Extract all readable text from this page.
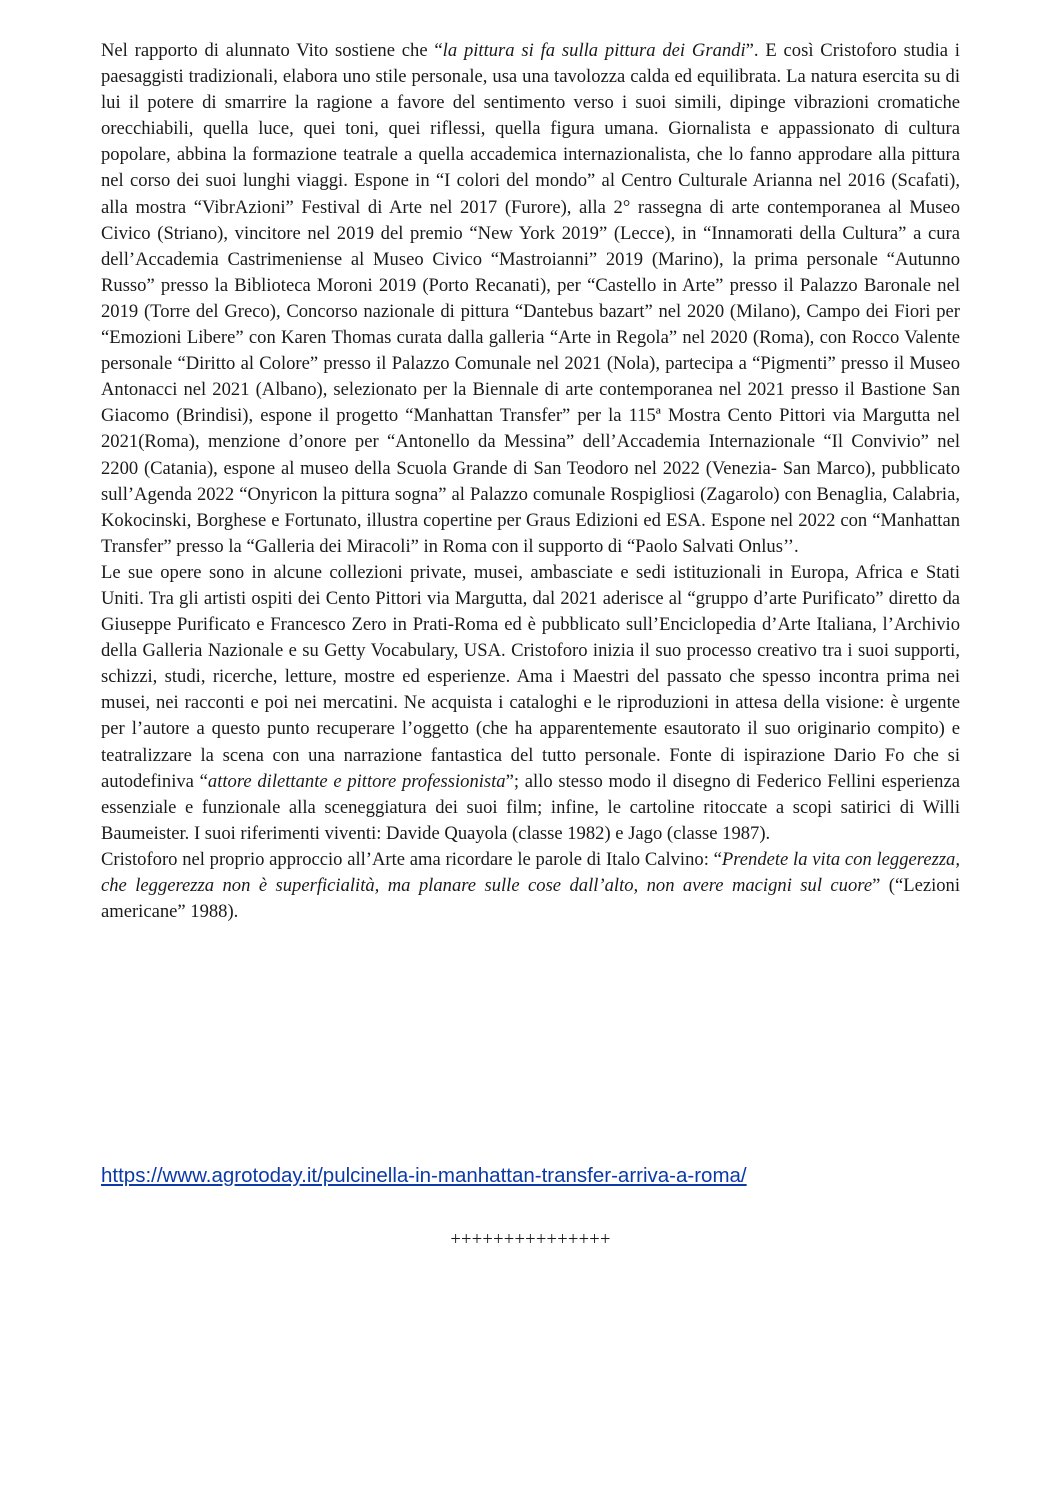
Nel rapporto di alunnato Vito sostiene che “la pittura si fa sulla pittura dei Grandi”. E così Cristoforo studia i paesaggisti tradizionali, elabora uno stile personale, usa una tavolozza calda ed equilibrata. La natura esercita su di lui il potere di smarrire la ragione a favore del sentimento verso i suoi simili, dipinge vibrazioni cromatiche orecchiabili, quella luce, quei toni, quei riflessi, quella figura umana. Giornalista e appassionato di cultura popolare, abbina la formazione teatrale a quella accademica internazionalista, che lo fanno approdare alla pittura nel corso dei suoi lunghi viaggi. Espone in “I colori del mondo” al Centro Culturale Arianna nel 2016 (Scafati), alla mostra “VibrAzioni” Festival di Arte nel 2017 (Furore), alla 2° rassegna di arte contemporanea al Museo Civico (Striano), vincitore nel 2019 del premio “New York 2019” (Lecce), in “Innamorati della Cultura” a cura dell’Accademia Castrimeniense al Museo Civico “Mastroianni” 2019 (Marino), la prima personale “Autunno Russo” presso la Biblioteca Moroni 2019 (Porto Recanati), per “Castello in Arte” presso il Palazzo Baronale nel 2019 (Torre del Greco), Concorso nazionale di pittura “Dantebus bazart” nel 2020 (Milano), Campo dei Fiori per “Emozioni Libere” con Karen Thomas curata dalla galleria “Arte in Regola” nel 2020 (Roma), con Rocco Valente personale “Diritto al Colore” presso il Palazzo Comunale nel 2021 (Nola), partecipa a “Pigmenti” presso il Museo Antonacci nel 2021 (Albano), selezionato per la Biennale di arte contemporanea nel 2021 presso il Bastione San Giacomo (Brindisi), espone il progetto “Manhattan Transfer” per la 115ª Mostra Cento Pittori via Margutta nel 2021(Roma), menzione d’onore per “Antonello da Messina” dell’Accademia Internazionale “Il Convivio” nel 2200 (Catania), espone al museo della Scuola Grande di San Teodoro nel 2022 (Venezia- San Marco), pubblicato sull’Agenda 2022 “Onyricon la pittura sogna” al Palazzo comunale Rospigliosi (Zagarolo) con Benaglia, Calabria, Kokocinski, Borghese e Fortunato, illustra copertine per Graus Edizioni ed ESA. Espone nel 2022 con “Manhattan Transfer” presso la “Galleria dei Miracoli” in Roma con il supporto di “Paolo Salvati Onlus’’.

Le sue opere sono in alcune collezioni private, musei, ambasciate e sedi istituzionali in Europa, Africa e Stati Uniti. Tra gli artisti ospiti dei Cento Pittori via Margutta, dal 2021 aderisce al “gruppo d’arte Purificato” diretto da Giuseppe Purificato e Francesco Zero in Prati-Roma ed è pubblicato sull’Enciclopedia d’Arte Italiana, l’Archivio della Galleria Nazionale e su Getty Vocabulary, USA. Cristoforo inizia il suo processo creativo tra i suoi supporti, schizzi, studi, ricerche, letture, mostre ed esperienze. Ama i Maestri del passato che spesso incontra prima nei musei, nei racconti e poi nei mercatini. Ne acquista i cataloghi e le riproduzioni in attesa della visione: è urgente per l’autore a questo punto recuperare l’oggetto (che ha apparentemente esautorato il suo originario compito) e teatralizzare la scena con una narrazione fantastica del tutto personale. Fonte di ispirazione Dario Fo che si autodefiniva “attore dilettante e pittore professionista”; allo stesso modo il disegno di Federico Fellini esperienza essenziale e funzionale alla sceneggiatura dei suoi film; infine, le cartoline ritoccate a scopi satirici di Willi Baumeister. I suoi riferimenti viventi: Davide Quayola (classe 1982) e Jago (classe 1987).

Cristoforo nel proprio approccio all’Arte ama ricordare le parole di Italo Calvino: “Prendete la vita con leggerezza, che leggerezza non è superficialità, ma planare sulle cose dall’alto, non avere macigni sul cuore” (“Lezioni americane” 1988).

https://www.agrotoday.it/pulcinella-in-manhattan-transfer-arriva-a-roma/
+++++++++++++++
